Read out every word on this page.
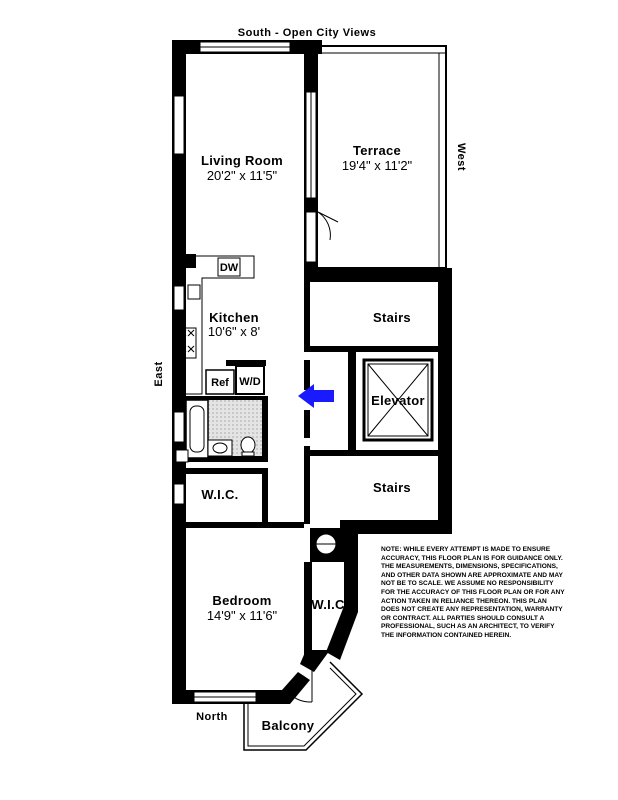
South - Open City Views
West
East
North
Living Room
20'2" x 11'5"
Terrace
19'4" x 11'2"
Kitchen
10'6" x 8'
Bedroom
14'9" x 11'6"
Balcony
DW
Ref W/D
W.I.C.
W.I.C.
Stairs
Stairs
Elevator
NOTE: WHILE EVERY ATTEMPT IS MADE TO ENSURE ACCURACY, THIS FLOOR PLAN IS FOR GUIDANCE ONLY. THE MEASUREMENTS, DIMENSIONS, SPECIFICATIONS, AND OTHER DATA SHOWN ARE APPROXIMATE AND MAY NOT BE TO SCALE. WE ASSUME NO RESPONSIBILITY FOR THE ACCURACY OF THIS FLOOR PLAN OR FOR ANY ACTION TAKEN IN RELIANCE THEREON. THIS PLAN DOES NOT CREATE ANY REPRESENTATION, WARRANTY OR CONTRACT. ALL PARTIES SHOULD CONSULT A PROFESSIONAL, SUCH AS AN ARCHITECT, TO VERIFY THE INFORMATION CONTAINED HEREIN.
